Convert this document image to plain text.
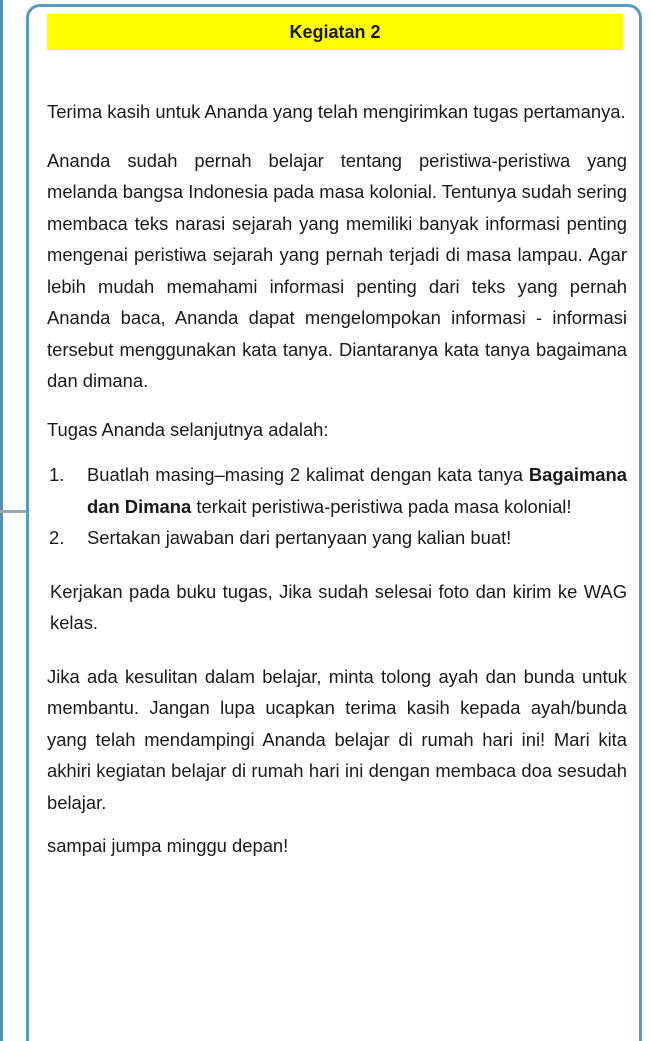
Kegiatan 2

Terima kasih untuk Ananda yang telah mengirimkan tugas pertamanya.

Ananda sudah pernah belajar tentang peristiwa-peristiwa yang melanda bangsa Indonesia pada masa kolonial. Tentunya sudah sering membaca teks narasi sejarah yang memiliki banyak informasi penting mengenai peristiwa sejarah yang pernah terjadi di masa lampau. Agar lebih mudah memahami informasi penting dari teks yang pernah Ananda baca, Ananda dapat mengelompokan informasi - informasi tersebut menggunakan kata tanya. Diantaranya kata tanya bagaimana dan dimana.

Tugas Ananda selanjutnya adalah:

1. Buatlah masing–masing 2 kalimat dengan kata tanya Bagaimana dan Dimana terkait peristiwa-peristiwa pada masa kolonial!
2. Sertakan jawaban dari pertanyaan yang kalian buat!

Kerjakan pada buku tugas, Jika sudah selesai foto dan kirim ke WAG kelas.

Jika ada kesulitan dalam belajar, minta tolong ayah dan bunda untuk membantu. Jangan lupa ucapkan terima kasih kepada ayah/bunda yang telah mendampingi Ananda belajar di rumah hari ini! Mari kita akhiri kegiatan belajar di rumah hari ini dengan membaca doa sesudah belajar.

sampai jumpa minggu depan!
